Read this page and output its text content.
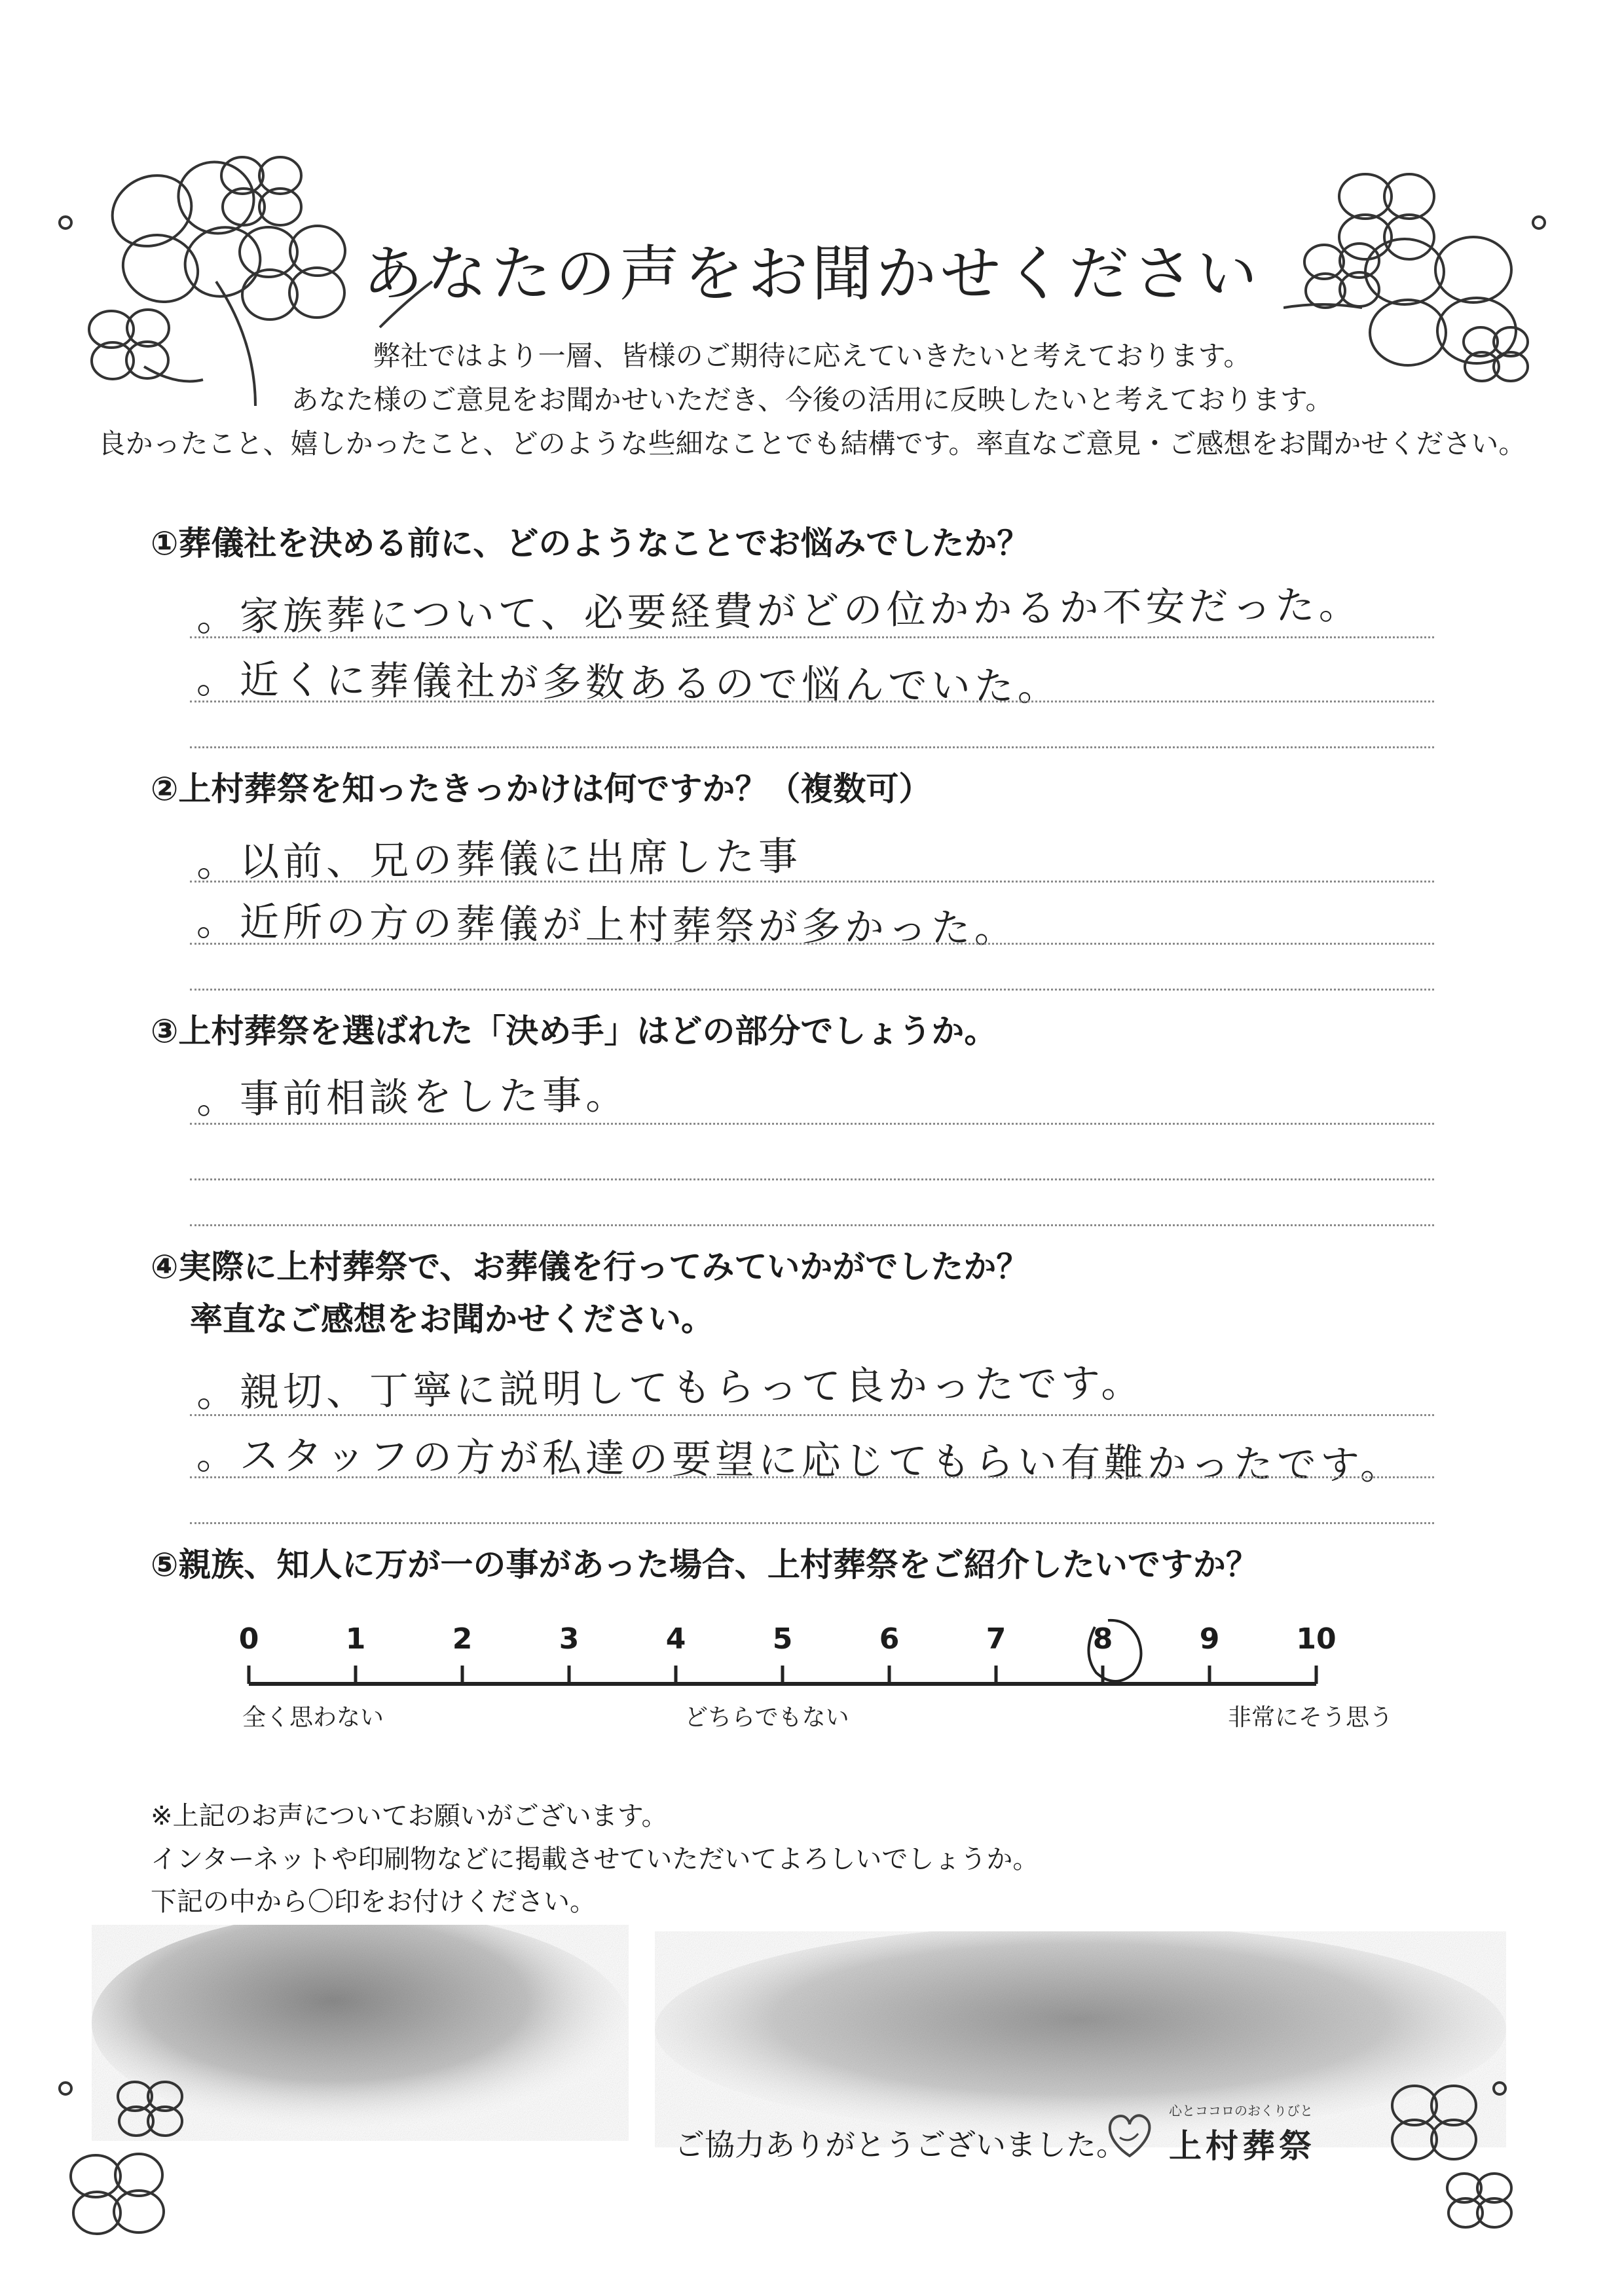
あなたの声をお聞かせください
弊社ではより一層、皆様のご期待に応えていきたいと考えております。
あなた様のご意見をお聞かせいただき、今後の活用に反映したいと考えております。
良かったこと、嬉しかったこと、どのような些細なことでも結構です。率直なご意見・ご感想をお聞かせください。
①葬儀社を決める前に、どのようなことでお悩みでしたか？
。家族葬について、必要経費がどの位かかるか不安だった。
。近くに葬儀社が多数あるので悩んでいた。
②上村葬祭を知ったきっかけは何ですか？（複数可）
。以前、兄の葬儀に出席した事
。近所の方の葬儀が上村葬祭が多かった。
③上村葬祭を選ばれた「決め手」はどの部分でしょうか。
。事前相談をした事。
④実際に上村葬祭で、お葬儀を行ってみていかがでしたか？
率直なご感想をお聞かせください。
。親切、丁寧に説明してもらって良かったです。
。スタッフの方が私達の要望に応じてもらい有難かったです。
⑤親族、知人に万が一の事があった場合、上村葬祭をご紹介したいですか？
0	1	2	3	4	5	6	7	8	9	10
全く思わない	どちらでもない	非常にそう思う
※上記のお声についてお願いがございます。
インターネットや印刷物などに掲載させていただいてよろしいでしょうか。
下記の中から〇印をお付けください。
ご協力ありがとうございました。
心とココロのおくりびと
上村葬祭
